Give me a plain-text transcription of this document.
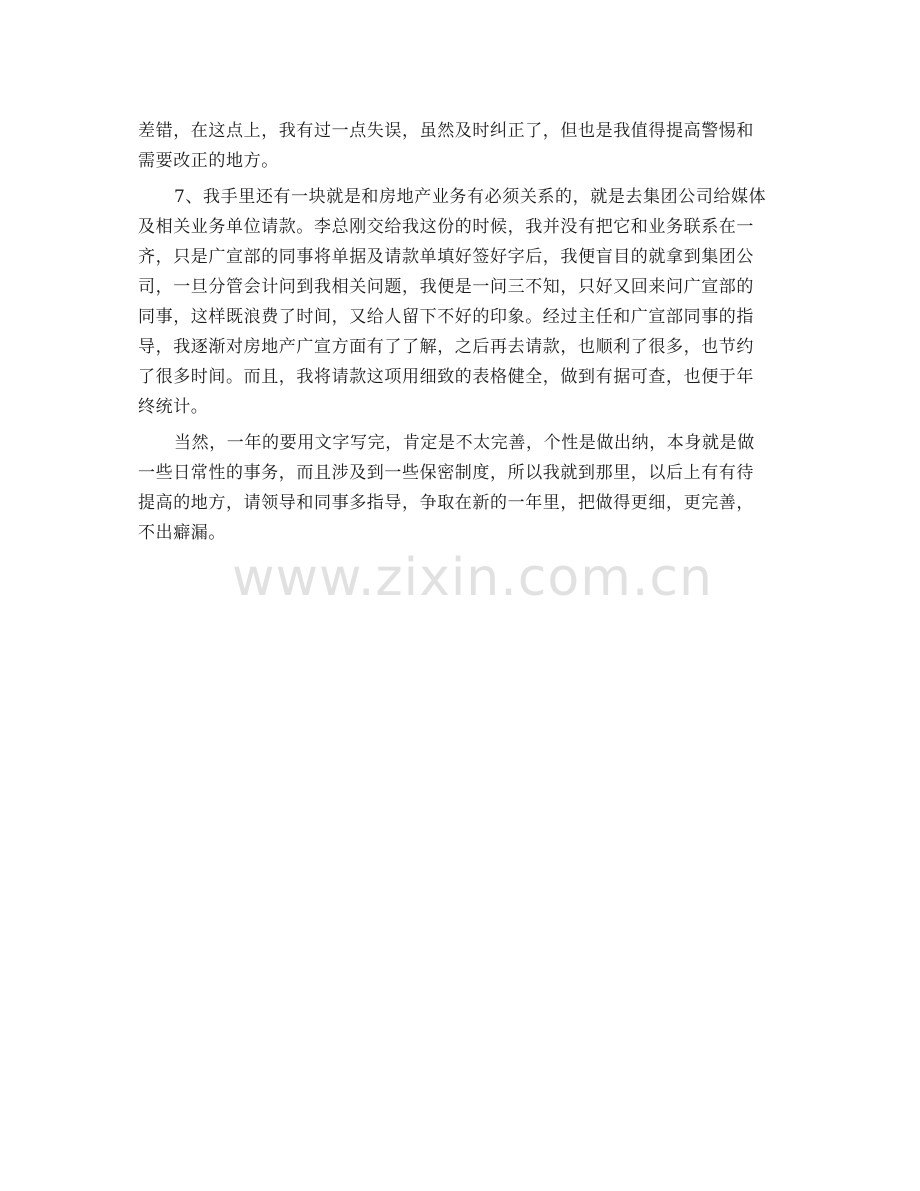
差错，在这点上，我有过一点失误，虽然及时纠正了，但也是我值得提高警惕和
需要改正的地方。

7、我手里还有一块就是和房地产业务有必须关系的，就是去集团公司给媒体
及相关业务单位请款。李总刚交给我这份的时候，我并没有把它和业务联系在一
齐，只是广宣部的同事将单据及请款单填好签好字后，我便盲目的就拿到集团公
司，一旦分管会计问到我相关问题，我便是一问三不知，只好又回来问广宣部的
同事，这样既浪费了时间，又给人留下不好的印象。经过主任和广宣部同事的指
导，我逐渐对房地产广宣方面有了了解，之后再去请款，也顺利了很多，也节约
了很多时间。而且，我将请款这项用细致的表格健全，做到有据可查，也便于年
终统计。

当然，一年的要用文字写完，肯定是不太完善，个性是做出纳，本身就是做
一些日常性的事务，而且涉及到一些保密制度，所以我就到那里，以后上有有待
提高的地方，请领导和同事多指导，争取在新的一年里，把做得更细，更完善，
不出癖漏。

www.zixin.com.cn
